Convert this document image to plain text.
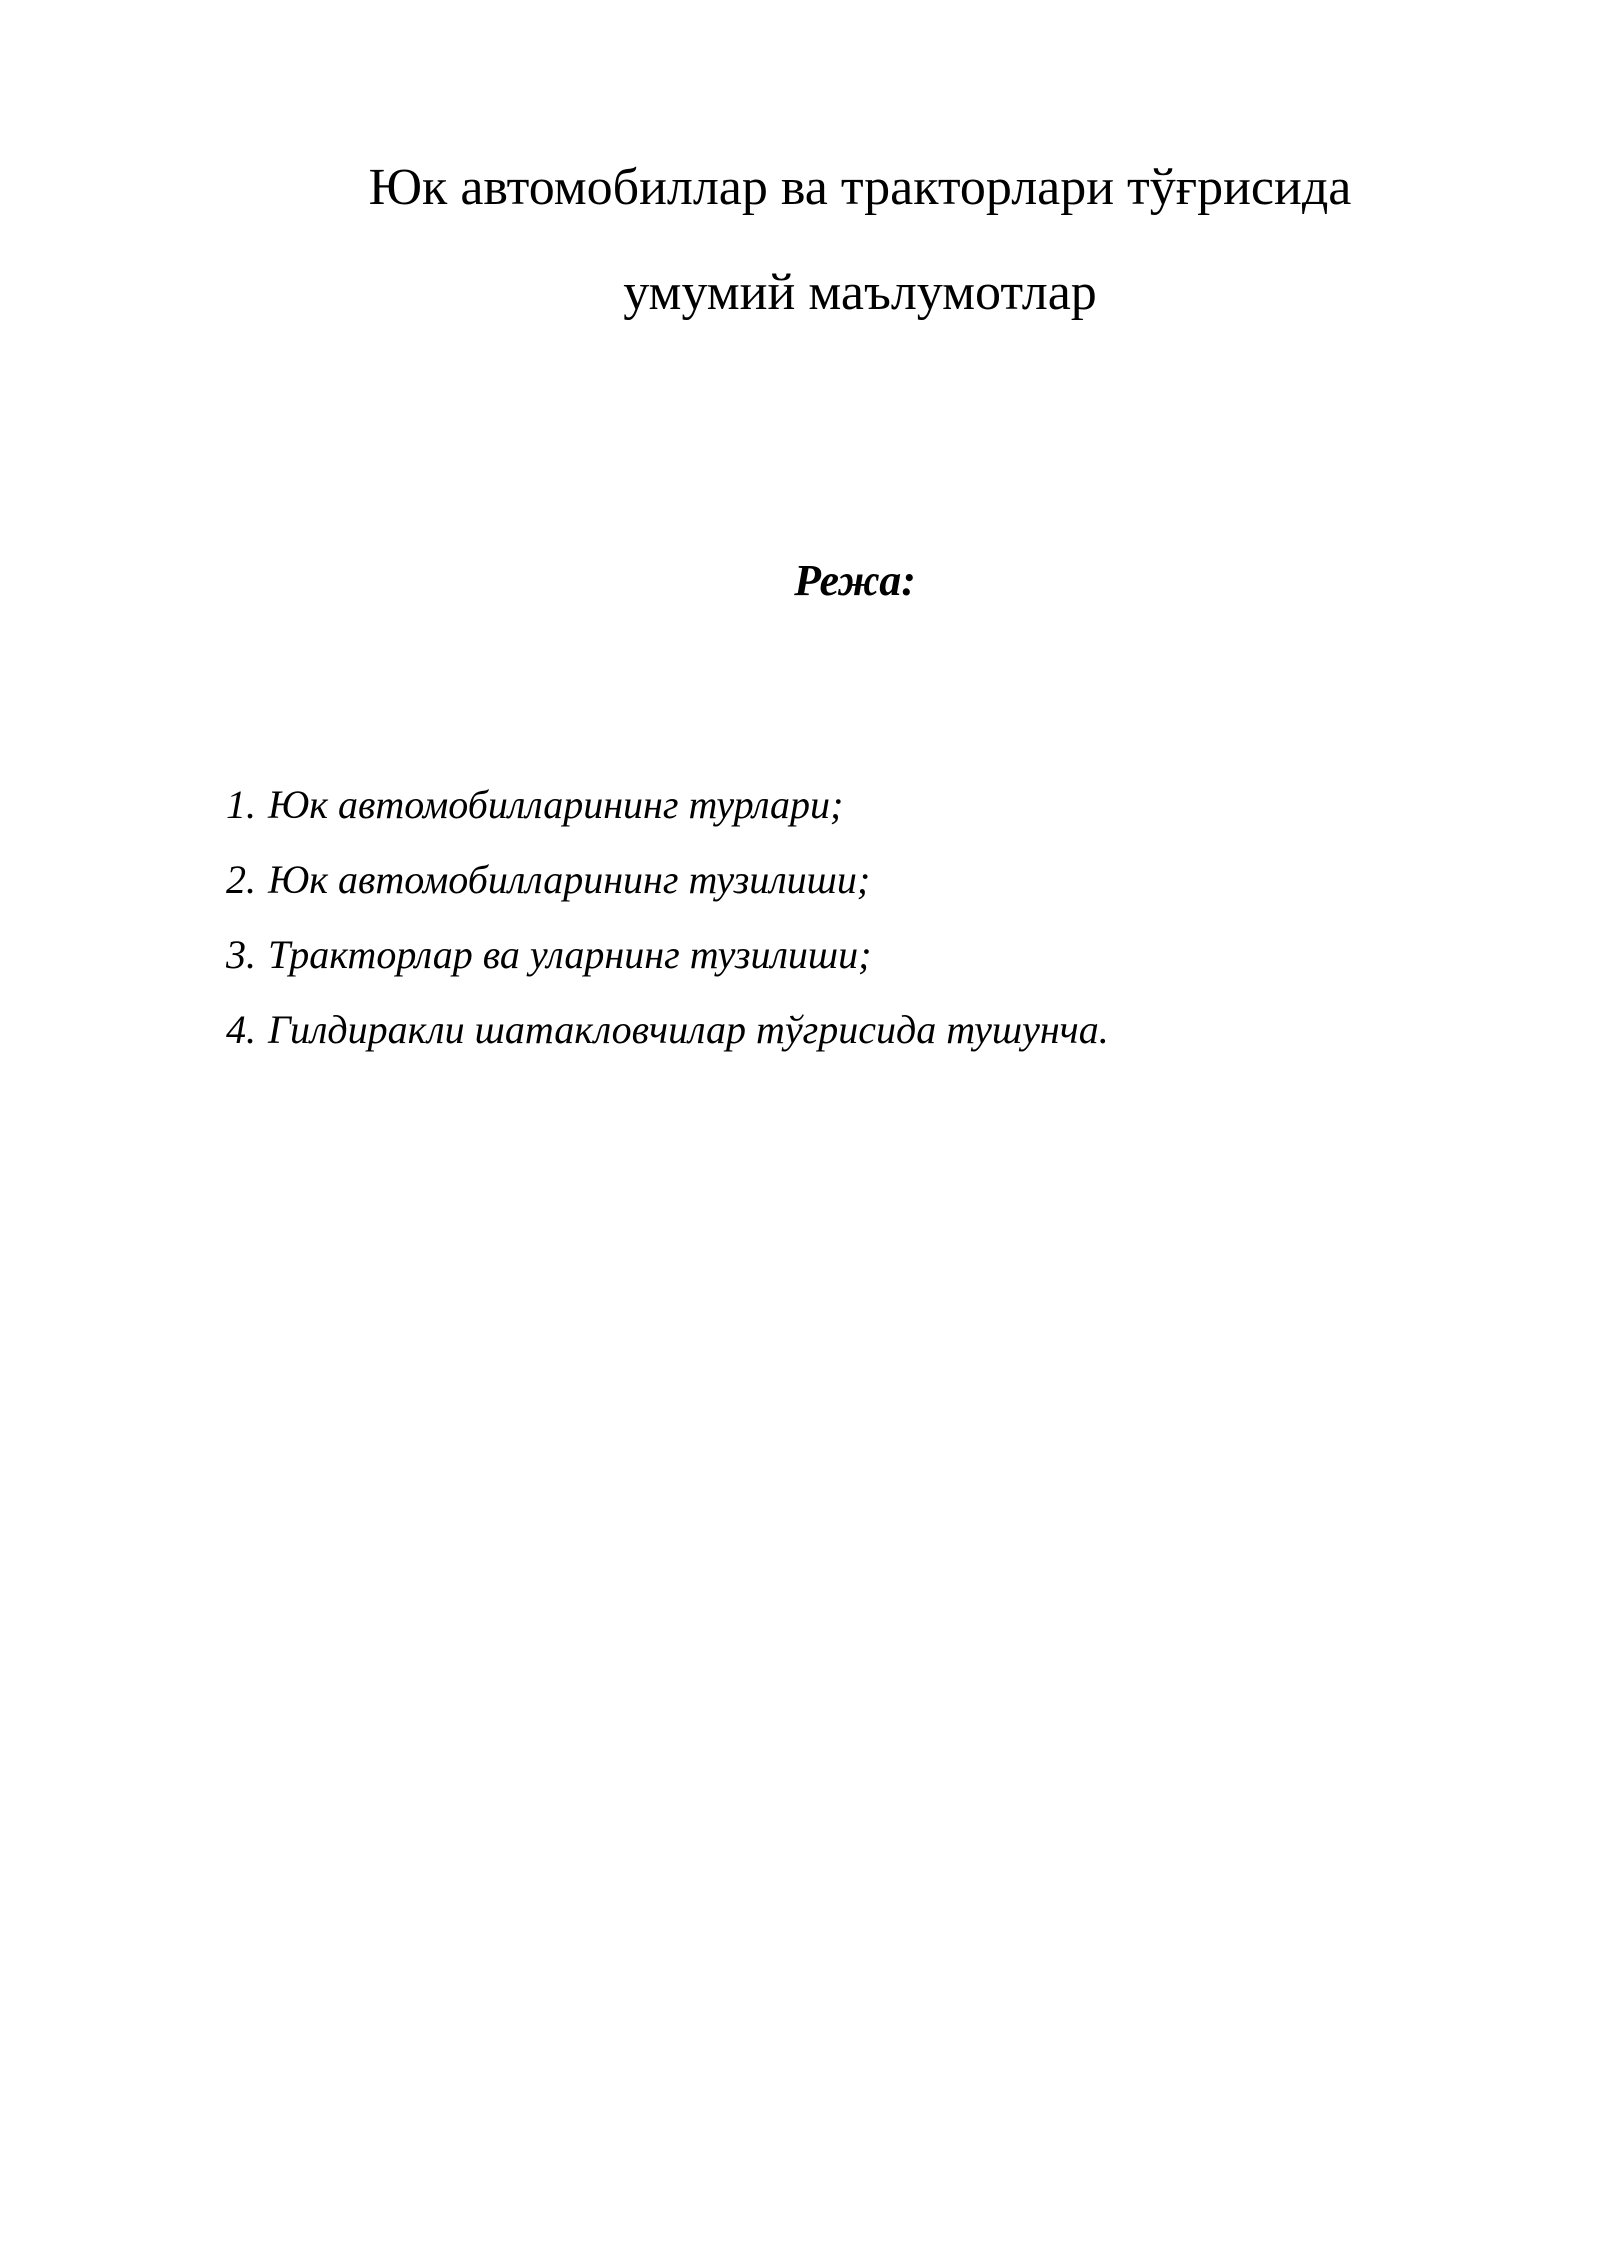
Юк автомобиллар ва тракторлари тўғрисида
умумий маълумотлар
Режа:
1. Юк автомобилларининг турлари;
2. Юк автомобилларининг тузилиши;
3. Тракторлар ва уларнинг тузилиши;
4. Гилдиракли шатакловчилар тўгрисида тушунча.
